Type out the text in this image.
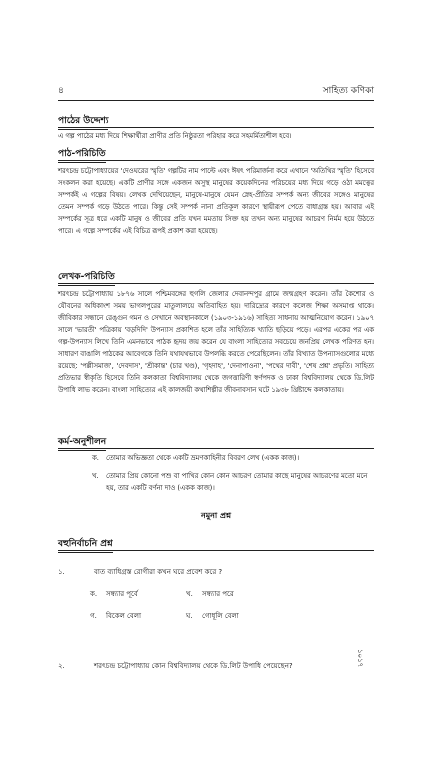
৪	সাহিত্য কণিকা
পাঠের উদ্দেশ্য

এ গল্প পাঠের মধ্য দিয়ে শিক্ষার্থীরা প্রাণীর প্রতি নিষ্ঠুরতা পরিহার করে সহমর্মিতাশীল হবে।

পাঠ-পরিচিতি

শরৎচন্দ্র চট্টোপাধ্যায়ের 'দেওঘরের স্মৃতি' গল্পটির নাম পাল্টে এবং ঈষৎ পরিমার্জনা করে এখানে 'অতিথির স্মৃতি' হিসেবে সংকলন করা হয়েছে। একটি প্রাণীর সঙ্গে একজন অসুস্থ মানুষের কয়েকদিনের পরিচয়ের মধ্য দিয়ে গড়ে ওঠা মমত্বের সম্পর্কই এ গল্পের বিষয়। লেখক দেখিয়েছেন, মানুষে-মানুষে যেমন স্নেহ-প্রীতির সম্পর্ক অন্য জীবের সঙ্গেও মানুষের তেমন সম্পর্ক গড়ে উঠতে পারে। কিন্তু সেই সম্পর্ক নানা প্রতিকূল কারণে স্থায়ীরূপ পেতে বাধাগ্রস্ত হয়। আবার এই সম্পর্কের সূত্র ধরে একটি মানুষ ও জীবের প্রতি যখন মমতায় সিক্ত হয় তখন অন্য মানুষের আচরণ নির্মম হয়ে উঠতে পারে। এ গল্পে সম্পর্কের এই বিচিত্র রূপই প্রকাশ করা হয়েছে।

লেখক-পরিচিতি

শরৎচন্দ্র চট্টোপাধ্যায় ১৮৭৬ সালে পশ্চিমবঙ্গের হুগলি জেলার দেবানন্দপুর গ্রামে জন্মগ্রহণ করেন। তাঁর কৈশোর ও যৌবনের অধিকাংশ সময় ভাগলপুরের মাতুলালয়ে অতিবাহিত হয়। দারিদ্র্যের কারণে কলেজ শিক্ষা অসমাপ্ত থাকে। জীবিকার সন্ধানে রেঙ্গুন গমন ও সেখানে অবস্থানকালে (১৯০৩-১৯১৬) সাহিত্য সাধনায় আত্মনিয়োগ করেন। ১৯০৭ সালে 'ভারতী' পত্রিকায় 'বড়দিদি' উপন্যাস প্রকাশিত হলে তাঁর সাহিত্যিক খ্যাতি ছড়িয়ে পড়ে। এরপর একের পর এক গল্প-উপন্যাস লিখে তিনি এমনভাবে পাঠক হৃদয় জয় করেন যে বাংলা সাহিত্যের সবচেয়ে জনপ্রিয় লেখক পরিণত হন। সাধারণ বাঙালি পাঠকের আবেগকে তিনি যথাযথভাবে উপলব্ধি করতে পেরেছিলেন। তাঁর বিখ্যাত উপন্যাসগুলোর মধ্যে রয়েছে: 'পল্লীসমাজ', 'দেবদাস', 'শ্রীকান্ত' (চার খণ্ড), 'গৃহদাহ', 'দেনাপাওনা', 'পথের দাবী', 'শেষ প্রশ্ন' প্রভৃতি। সাহিত্য প্রতিভার স্বীকৃতি হিসেবে তিনি কলকাতা বিশ্ববিদ্যালয় থেকে জগত্তারিণী স্বর্ণপদক ও ঢাকা বিশ্ববিদ্যালয় থেকে ডি.লিট উপাধি লাভ করেন। বাংলা সাহিত্যের এই কালজয়ী কথাশিল্পীর জীবনাবসান ঘটে ১৯৩৮ খ্রিষ্টাব্দে কলকাতায়।

কর্ম-অনুশীলন
ক.	তোমার অভিজ্ঞতা থেকে একটি ভ্রমণকাহিনীর বিবরণ লেখ (একক কাজ)।
খ.	তোমার প্রিয় কোনো পশু বা পাখির কোন কোন আচরণ তোমার কাছে মানুষের আচরণের মতো মনে হয়, তার একটি বর্ণনা দাও (একক কাজ)।
নমুনা প্রশ্ন
বহুনির্বাচনি প্রশ্ন
১.	বাত ব্যাধিগ্রস্ত রোগীরা কখন ঘরে প্রবেশ করে ?
ক.	সন্ধ্যার পূর্বে	খ.	সন্ধ্যার পরে
গ.	বিকেল বেলা	ঘ.	গোধূলি বেলা
২.	শরৎচন্দ্র চট্টোপাধ্যায় কোন বিশ্ববিদ্যালয় থেকে ডি.লিট উপাধি পেয়েছেন?	১০১৭
